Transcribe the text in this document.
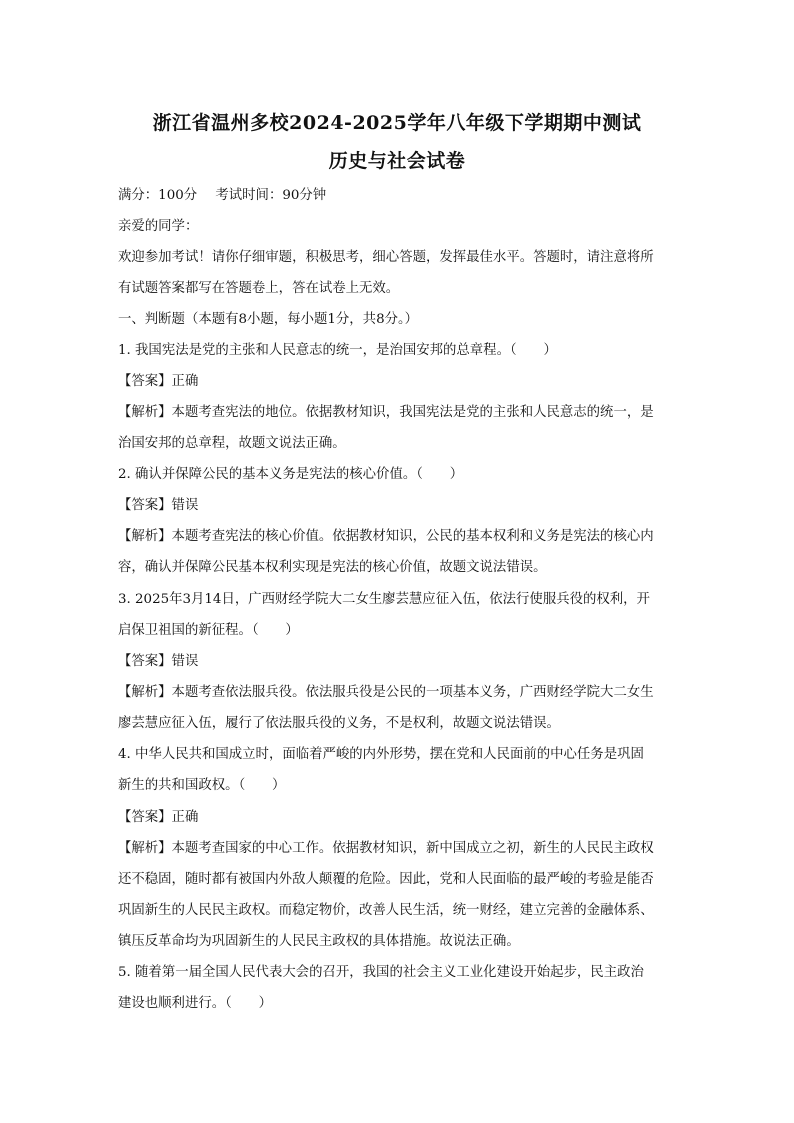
浙江省温州多校2024-2025学年八年级下学期期中测试
历史与社会试卷
满分：100分 考试时间：90分钟
亲爱的同学：
欢迎参加考试！请你仔细审题，积极思考，细心答题，发挥最佳水平。答题时，请注意将所
有试题答案都写在答题卷上，答在试卷上无效。
一、判断题（本题有8小题，每小题1分，共8分。）
1. 我国宪法是党的主张和人民意志的统一，是治国安邦的总章程。（　　）
【答案】正确
【解析】本题考查宪法的地位。依据教材知识，我国宪法是党的主张和人民意志的统一，是
治国安邦的总章程，故题文说法正确。
2. 确认并保障公民的基本义务是宪法的核心价值。（　　）
【答案】错误
【解析】本题考查宪法的核心价值。依据教材知识，公民的基本权利和义务是宪法的核心内
容，确认并保障公民基本权利实现是宪法的核心价值，故题文说法错误。
3. 2025年3月14日，广西财经学院大二女生廖芸慧应征入伍，依法行使服兵役的权利，开
启保卫祖国的新征程。（　　）
【答案】错误
【解析】本题考查依法服兵役。依法服兵役是公民的一项基本义务，广西财经学院大二女生
廖芸慧应征入伍，履行了依法服兵役的义务，不是权利，故题文说法错误。
4. 中华人民共和国成立时，面临着严峻的内外形势，摆在党和人民面前的中心任务是巩固
新生的共和国政权。（　　）
【答案】正确
【解析】本题考查国家的中心工作。依据教材知识，新中国成立之初，新生的人民民主政权
还不稳固，随时都有被国内外敌人颠覆的危险。因此，党和人民面临的最严峻的考验是能否
巩固新生的人民民主政权。而稳定物价，改善人民生活，统一财经，建立完善的金融体系、
镇压反革命均为巩固新生的人民民主政权的具体措施。故说法正确。
5. 随着第一届全国人民代表大会的召开，我国的社会主义工业化建设开始起步，民主政治
建设也顺利进行。（　　）
